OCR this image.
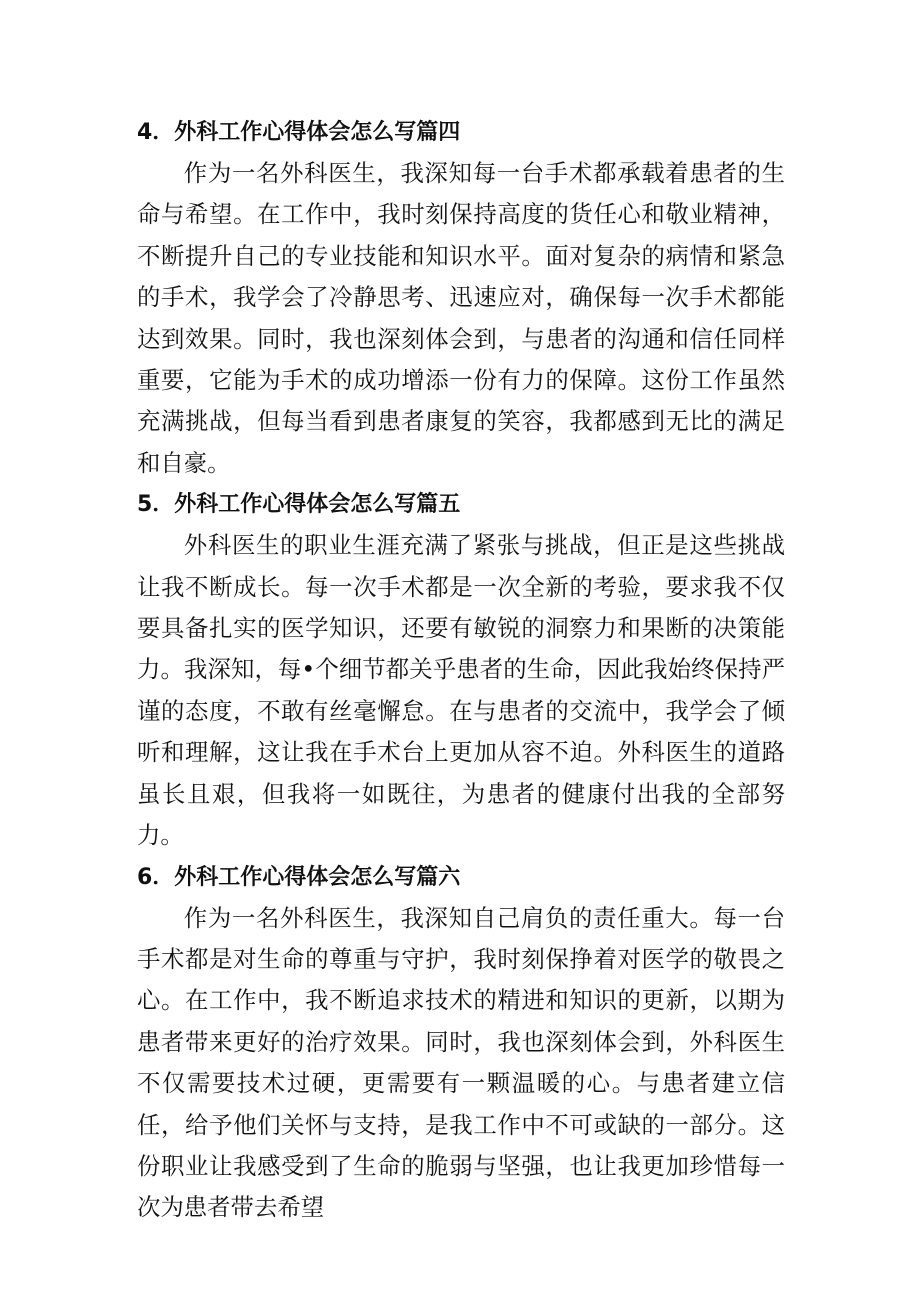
4．外科工作心得体会怎么写篇四

作为一名外科医生，我深知每一台手术都承载着患者的生命与希望。在工作中，我时刻保持高度的货任心和敬业精神，不断提升自己的专业技能和知识水平。面对复杂的病情和紧急的手术，我学会了冷静思考、迅速应对，确保每一次手术都能达到效果。同时，我也深刻体会到，与患者的沟通和信任同样重要，它能为手术的成功增添一份有力的保障。这份工作虽然充满挑战，但每当看到患者康复的笑容，我都感到无比的满足和自豪。

5．外科工作心得体会怎么写篇五

外科医生的职业生涯充满了紧张与挑战，但正是这些挑战让我不断成长。每一次手术都是一次全新的考验，要求我不仅要具备扎实的医学知识，还要有敏锐的洞察力和果断的决策能力。我深知，每•个细节都关乎患者的生命，因此我始终保持严谨的态度，不敢有丝毫懈怠。在与患者的交流中，我学会了倾听和理解，这让我在手术台上更加从容不迫。外科医生的道路虽长且艰，但我将一如既往，为患者的健康付出我的全部努力。

6．外科工作心得体会怎么写篇六

作为一名外科医生，我深知自己肩负的责任重大。每一台手术都是对生命的尊重与守护，我时刻保挣着对医学的敬畏之心。在工作中，我不断追求技术的精进和知识的更新，以期为患者带来更好的治疗效果。同时，我也深刻体会到，外科医生不仅需要技术过硬，更需要有一颗温暖的心。与患者建立信任，给予他们关怀与支持，是我工作中不可或缺的一部分。这份职业让我感受到了生命的脆弱与坚强，也让我更加珍惜每一次为患者带去希望
